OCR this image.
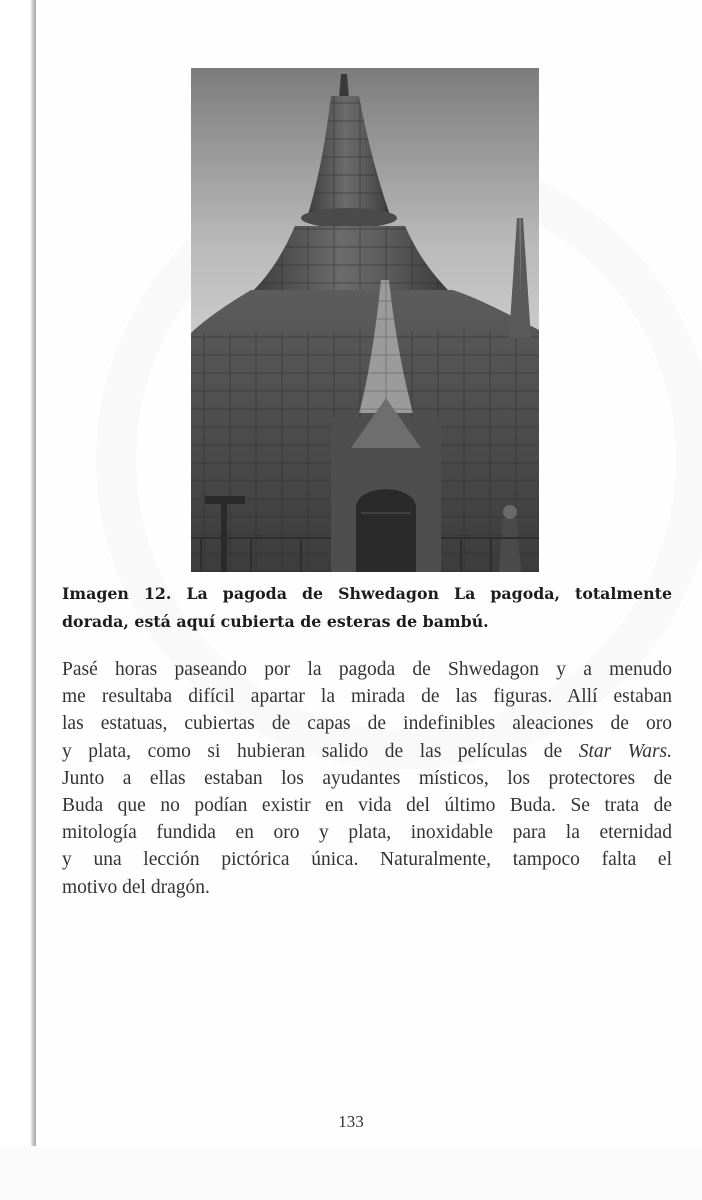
Imagen 12. La pagoda de Shwedagon La pagoda, totalmente
dorada, está aquí cubierta de esteras de bambú.
Pasé horas paseando por la pagoda de Shwedagon y a menudo
me resultaba difícil apartar la mirada de las figuras. Allí estaban
las estatuas, cubiertas de capas de indefinibles aleaciones de oro
y plata, como si hubieran salido de las películas de Star Wars.
Junto a ellas estaban los ayudantes místicos, los protectores de
Buda que no podían existir en vida del último Buda. Se trata de
mitología fundida en oro y plata, inoxidable para la eternidad
y una lección pictórica única. Naturalmente, tampoco falta el
motivo del dragón.
133
